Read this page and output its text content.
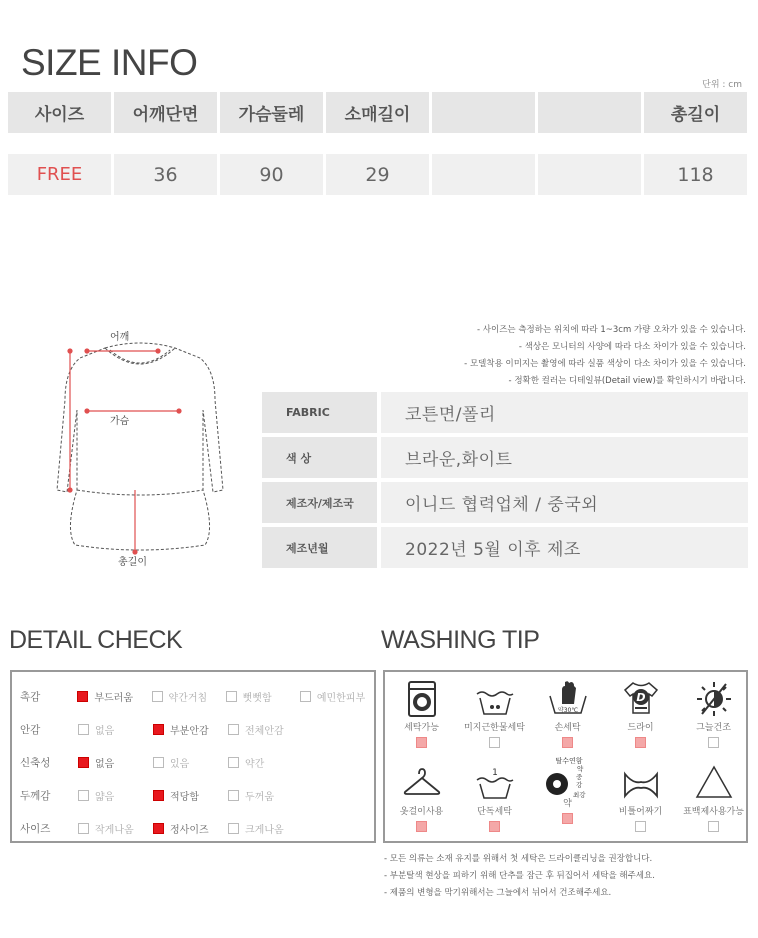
SIZE INFO
단위 : cm
사이즈	어깨단면	가슴둘레	소매길이	총길이
FREE	36	90	29	118
- 사이즈는 측정하는 위치에 따라 1~3cm 가량 오차가 있을 수 있습니다.
- 색상은 모니터의 사양에 따라 다소 차이가 있을 수 있습니다.
- 모델착용 이미지는 촬영에 따라 실품 색상이 다소 차이가 있을 수 있습니다.
- 정확한 컬러는 디테일뷰(Detail view)를 확인하시기 바랍니다.
어깨
가슴
총길이
FABRIC	코튼면/폴리
색 상	브라운,화이트
제조자/제조국	이니드 협력업체 / 중국외
제조년월	2022년 5월 이후 제조
DETAIL CHECK	WASHING TIP
촉감	부드러움	약간거침	뻣뻣함	예민한피부
안감	없음	부분안감	전체안감
신축성	없음	있음	약간
두께감	얇음	적당함	두꺼움
사이즈	작게나옴	정사이즈	크게나옴
세탁가능	미지근한물세탁
약30℃
손세탁
D
드라이	그늘건조
옷걸이사용
1
단독세탁
탈수연함
약
중
강
최강
약
비틀어짜기 표백제사용가능
- 모든 의류는 소재 유지를 위해서 첫 세탁은 드라이클리닝을 권장합니다.
- 부분탈색 현상을 피하기 위해 단추를 잠근 후 뒤집어서 세탁을 해주세요.
- 제품의 변형을 막기위해서는 그늘에서 뉘어서 건조해주세요.
